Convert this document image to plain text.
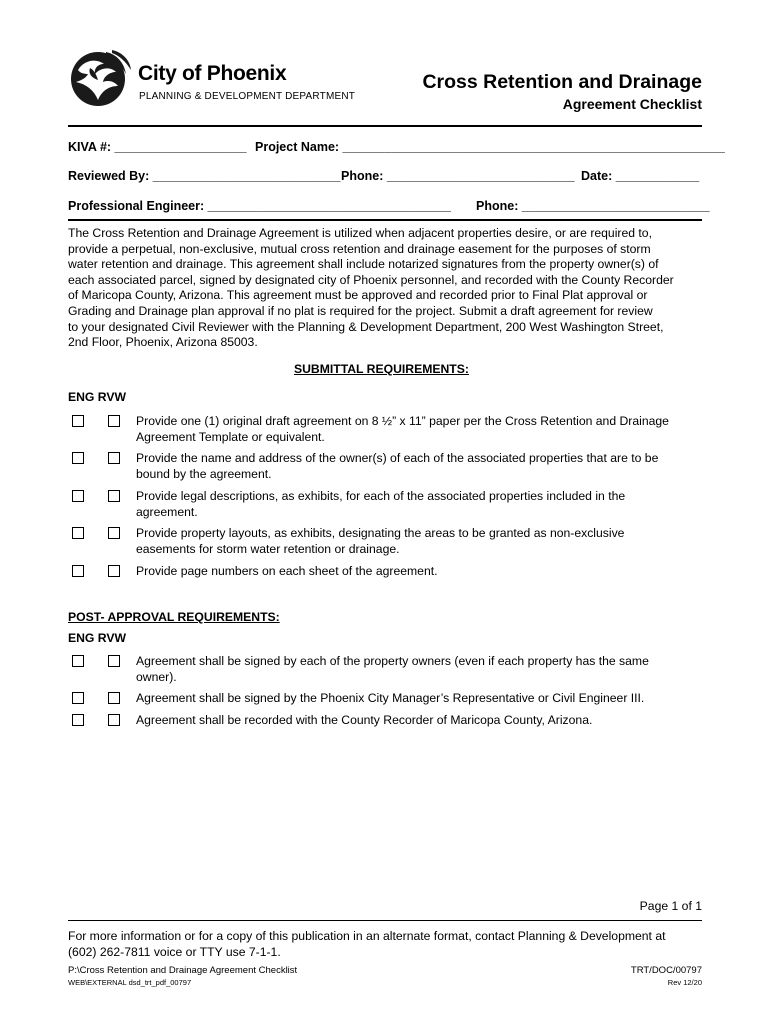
City of Phoenix
PLANNING & DEVELOPMENT DEPARTMENT
Cross Retention and Drainage
Agreement Checklist
KIVA #: ___________________ Project Name: _______________________________________________________
Reviewed By: ___________________________ Phone: ___________________________ Date: ____________
Professional Engineer: ___________________________________ Phone: ___________________________
The Cross Retention and Drainage Agreement is utilized when adjacent properties desire, or are required to,
provide a perpetual, non-exclusive, mutual cross retention and drainage easement for the purposes of storm
water retention and drainage. This agreement shall include notarized signatures from the property owner(s) of
each associated parcel, signed by designated city of Phoenix personnel, and recorded with the County Recorder
of Maricopa County, Arizona. This agreement must be approved and recorded prior to Final Plat approval or
Grading and Drainage plan approval if no plat is required for the project. Submit a draft agreement for review
to your designated Civil Reviewer with the Planning & Development Department, 200 West Washington Street,
2nd Floor, Phoenix, Arizona 85003.
SUBMITTAL REQUIREMENTS:
ENG RVW
Provide one (1) original draft agreement on 8 ½” x 11” paper per the Cross Retention and Drainage
Agreement Template or equivalent.
Provide the name and address of the owner(s) of each of the associated properties that are to be
bound by the agreement.
Provide legal descriptions, as exhibits, for each of the associated properties included in the
agreement.
Provide property layouts, as exhibits, designating the areas to be granted as non-exclusive
easements for storm water retention or drainage.
Provide page numbers on each sheet of the agreement.
POST- APPROVAL REQUIREMENTS:
ENG RVW
Agreement shall be signed by each of the property owners (even if each property has the same
owner).
Agreement shall be signed by the Phoenix City Manager’s Representative or Civil Engineer III.
Agreement shall be recorded with the County Recorder of Maricopa County, Arizona.
Page 1 of 1
For more information or for a copy of this publication in an alternate format, contact Planning & Development at
(602) 262-7811 voice or TTY use 7-1-1.
P:\Cross Retention and Drainage Agreement Checklist
WEB\EXTERNAL dsd_trt_pdf_00797
TRT/DOC/00797
Rev 12/20
